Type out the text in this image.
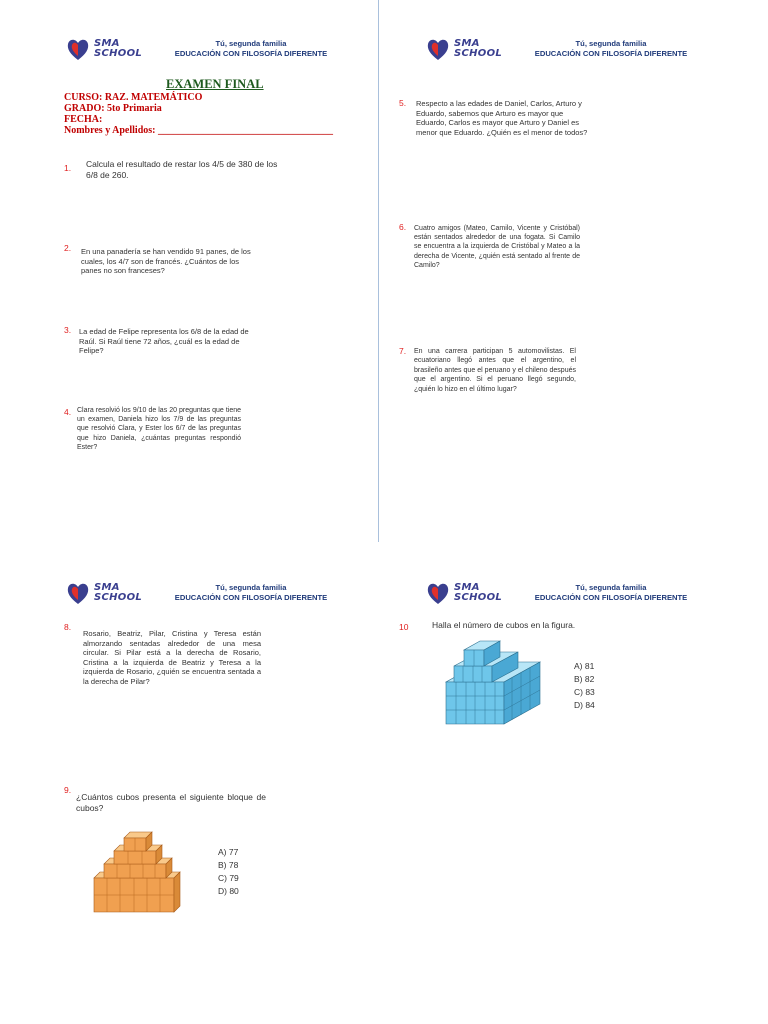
SMA
SCHOOL
Tú, segunda familia
EDUCACIÓN CON FILOSOFÍA DIFERENTE
SMA
SCHOOL
Tú, segunda familia
EDUCACIÓN CON FILOSOFÍA DIFERENTE
SMA
SCHOOL
Tú, segunda familia
EDUCACIÓN CON FILOSOFÍA DIFERENTE
SMA
SCHOOL
Tú, segunda familia
EDUCACIÓN CON FILOSOFÍA DIFERENTE
EXAMEN FINAL
CURSO: RAZ. MATEMÁTICO
GRADO: 5to Primaria
FECHA:
Nombres y Apellidos: ___________________________________
1. Calcula el resultado de restar los 4/5 de 380 de los 6/8 de 260.
2. En una panadería se han vendido 91 panes, de los cuales, los 4/7 son de francés. ¿Cuántos de los panes no son franceses?
3. La edad de Felipe representa los 6/8 de la edad de Raúl. Si Raúl tiene 72 años, ¿cuál es la edad de Felipe?
4. Clara resolvió los 9/10 de las 20 preguntas que tiene un examen, Daniela hizo los 7/9 de las preguntas que resolvió Clara, y Ester los 6/7 de las preguntas que hizo Daniela, ¿cuántas preguntas respondió Ester?
5. Respecto a las edades de Daniel, Carlos, Arturo y Eduardo, sabemos que Arturo es mayor que Eduardo, Carlos es mayor que Arturo y Daniel es menor que Eduardo. ¿Quién es el menor de todos?
6. Cuatro amigos (Mateo, Camilo, Vicente y Cristóbal) están sentados alrededor de una fogata. Si Camilo se encuentra a la izquierda de Cristóbal y Mateo a la derecha de Vicente, ¿quién está sentado al frente de Camilo?
7. En una carrera participan 5 automovilistas. El ecuatoriano llegó antes que el argentino, el brasileño antes que el peruano y el chileno después que el argentino. Si el peruano llegó segundo, ¿quién lo hizo en el último lugar?
8.
Rosario, Beatriz, Pilar, Cristina y Teresa están almorzando sentadas alrededor de una mesa circular. Si Pilar está a la derecha de Rosario, Cristina a la izquierda de Beatriz y Teresa a la izquierda de Rosario, ¿quién se encuentra sentada a la derecha de Pilar?
9.
¿Cuántos cubos presenta el siguiente bloque de cubos?
A) 77
B) 78
C) 79
D) 80
10	Halla el número de cubos en la figura.
A) 81
B) 82
C) 83
D) 84
